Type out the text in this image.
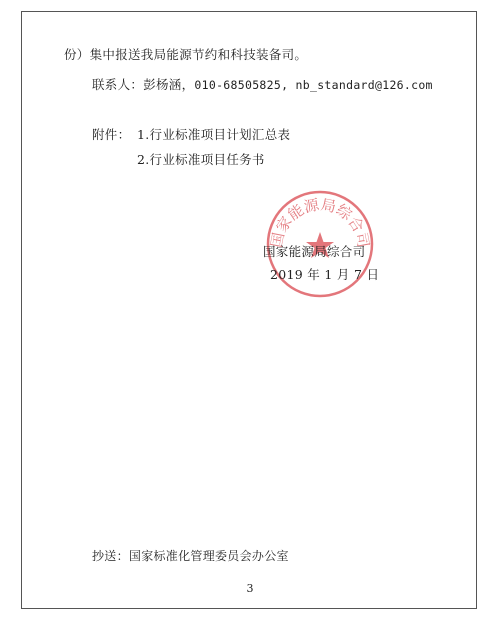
份）集中报送我局能源节约和科技装备司。
联系人：彭杨涵，010-68505825, nb_standard@126.com
附件： 1.行业标准项目计划汇总表
2.行业标准项目任务书
国家能源局综合司
国家能源局综合司
2019 年 1 月 7 日
抄送：国家标准化管理委员会办公室
3
